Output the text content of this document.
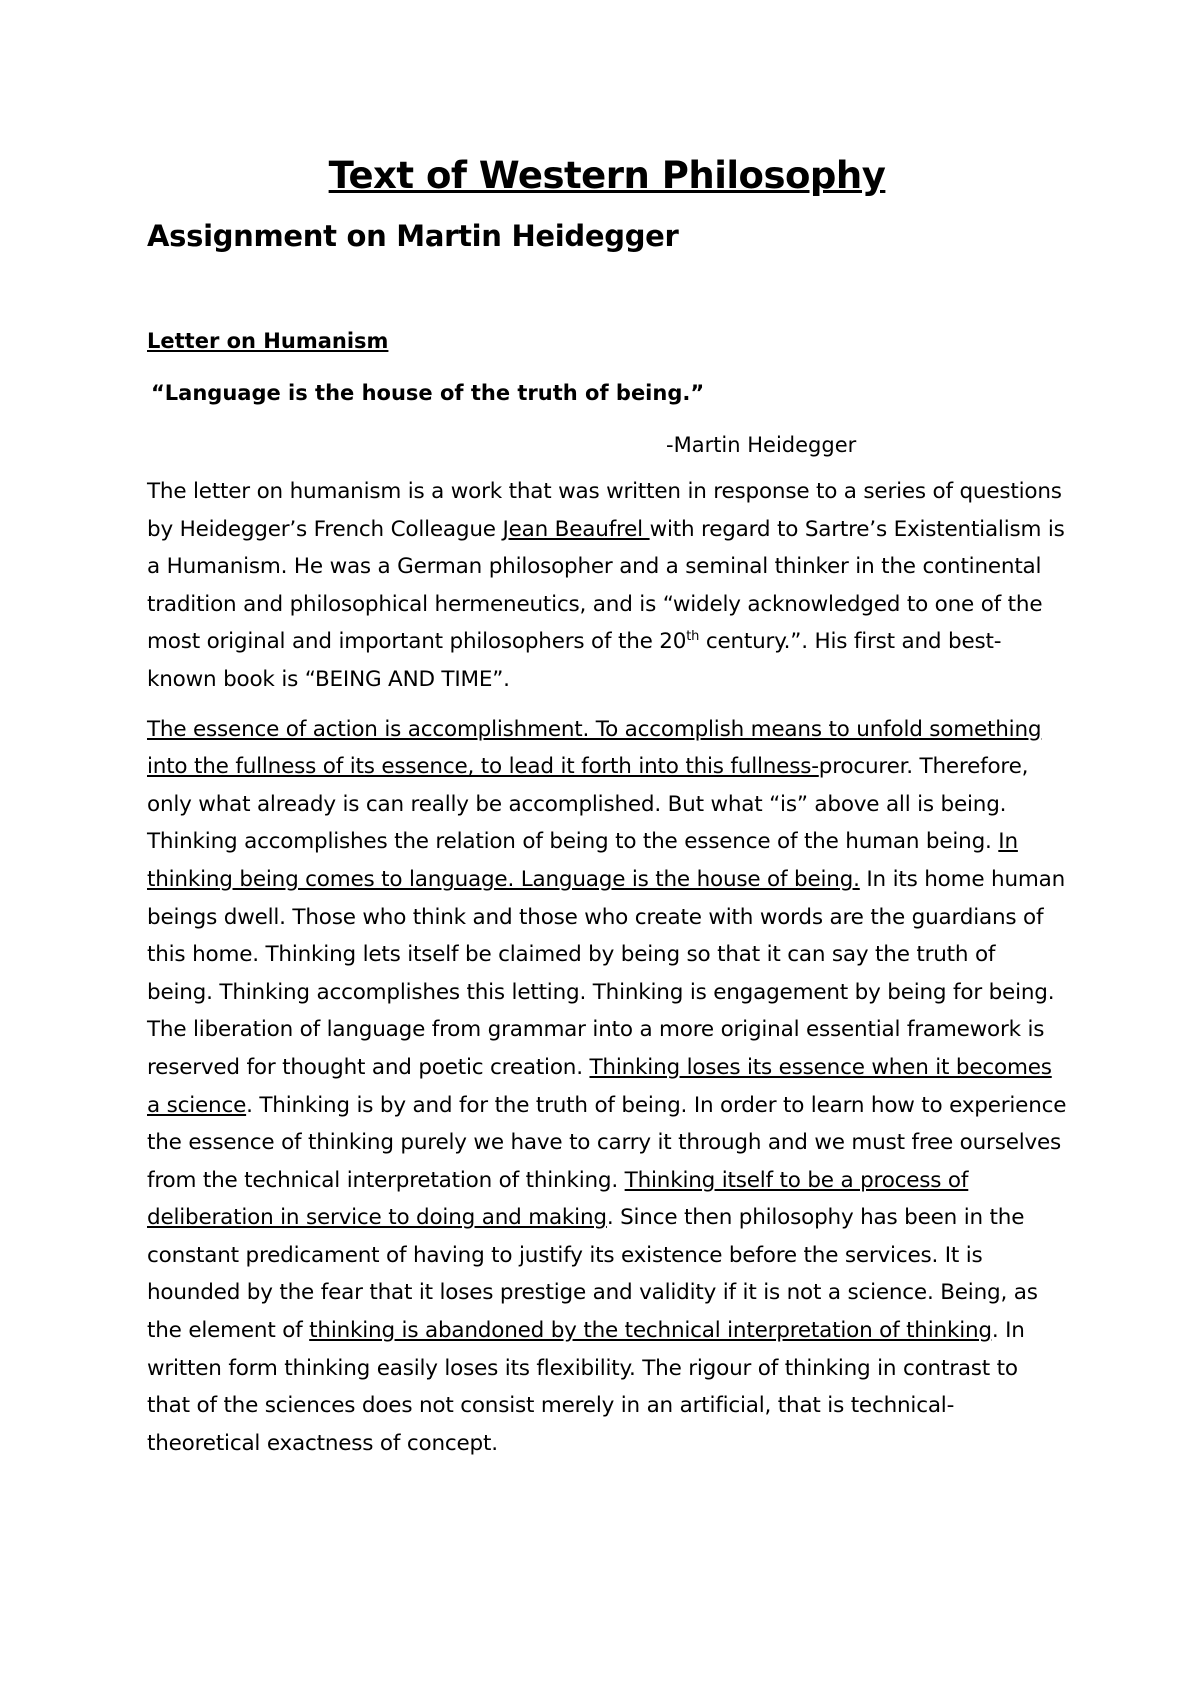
Text of Western Philosophy
Assignment on Martin Heidegger
Letter on Humanism
“Language is the house of the truth of being.”
-Martin Heidegger

The letter on humanism is a work that was written in response to a series of questions by Heidegger’s French Colleague Jean Beaufrel with regard to Sartre’s Existentialism is a Humanism. He was a German philosopher and a seminal thinker in the continental tradition and philosophical hermeneutics, and is “widely acknowledged to one of the most original and important philosophers of the 20th century.”. His first and best-known book is “BEING AND TIME”.

The essence of action is accomplishment. To accomplish means to unfold something into the fullness of its essence, to lead it forth into this fullness-procurer. Therefore, only what already is can really be accomplished. But what “is” above all is being. Thinking accomplishes the relation of being to the essence of the human being. In thinking being comes to language. Language is the house of being. In its home human beings dwell. Those who think and those who create with words are the guardians of this home. Thinking lets itself be claimed by being so that it can say the truth of being. Thinking accomplishes this letting. Thinking is engagement by being for being. The liberation of language from grammar into a more original essential framework is reserved for thought and poetic creation. Thinking loses its essence when it becomes a science. Thinking is by and for the truth of being. In order to learn how to experience the essence of thinking purely we have to carry it through and we must free ourselves from the technical interpretation of thinking. Thinking itself to be a process of deliberation in service to doing and making. Since then philosophy has been in the constant predicament of having to justify its existence before the services. It is hounded by the fear that it loses prestige and validity if it is not a science. Being, as the element of thinking is abandoned by the technical interpretation of thinking. In written form thinking easily loses its flexibility. The rigour of thinking in contrast to that of the sciences does not consist merely in an artificial, that is technical-theoretical exactness of concept.
